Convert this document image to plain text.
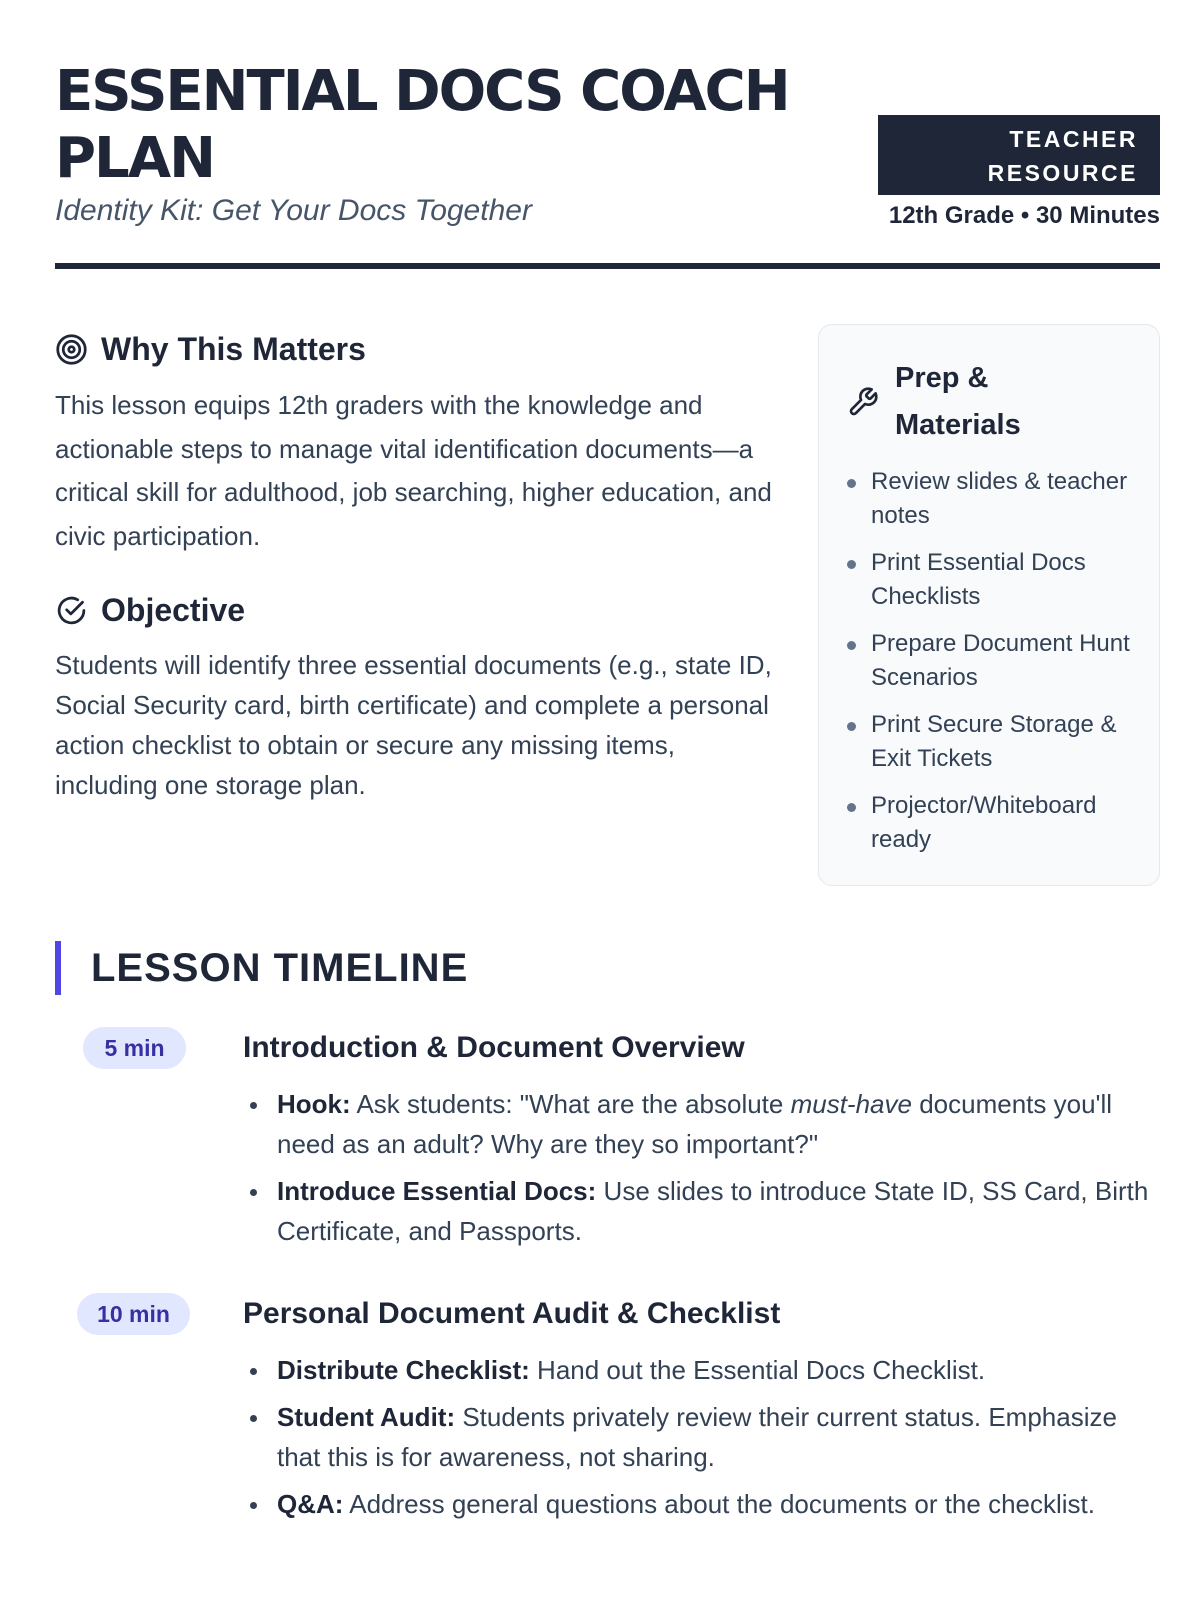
ESSENTIAL DOCS COACH PLAN

Identity Kit: Get Your Docs Together

TEACHER
RESOURCE
12th Grade • 30 Minutes
Why This Matters

This lesson equips 12th graders with the knowledge and actionable steps to manage vital identification documents—a critical skill for adulthood, job searching, higher education, and civic participation.

Objective

Students will identify three essential documents (e.g., state ID, Social Security card, birth certificate) and complete a personal action checklist to obtain or secure any missing items, including one storage plan.

Prep & Materials
Review slides & teacher notes
Print Essential Docs Checklists
Prepare Document Hunt Scenarios
Print Secure Storage & Exit Tickets
Projector/Whiteboard ready
LESSON TIMELINE
5 min	Introduction & Document Overview
Hook: Ask students: "What are the absolute must-have documents you'll need as an adult? Why are they so important?"
Introduce Essential Docs: Use slides to introduce State ID, SS Card, Birth Certificate, and Passports.
10 min	Personal Document Audit & Checklist
Distribute Checklist: Hand out the Essential Docs Checklist.
Student Audit: Students privately review their current status. Emphasize that this is for awareness, not sharing.
Q&A: Address general questions about the documents or the checklist.
